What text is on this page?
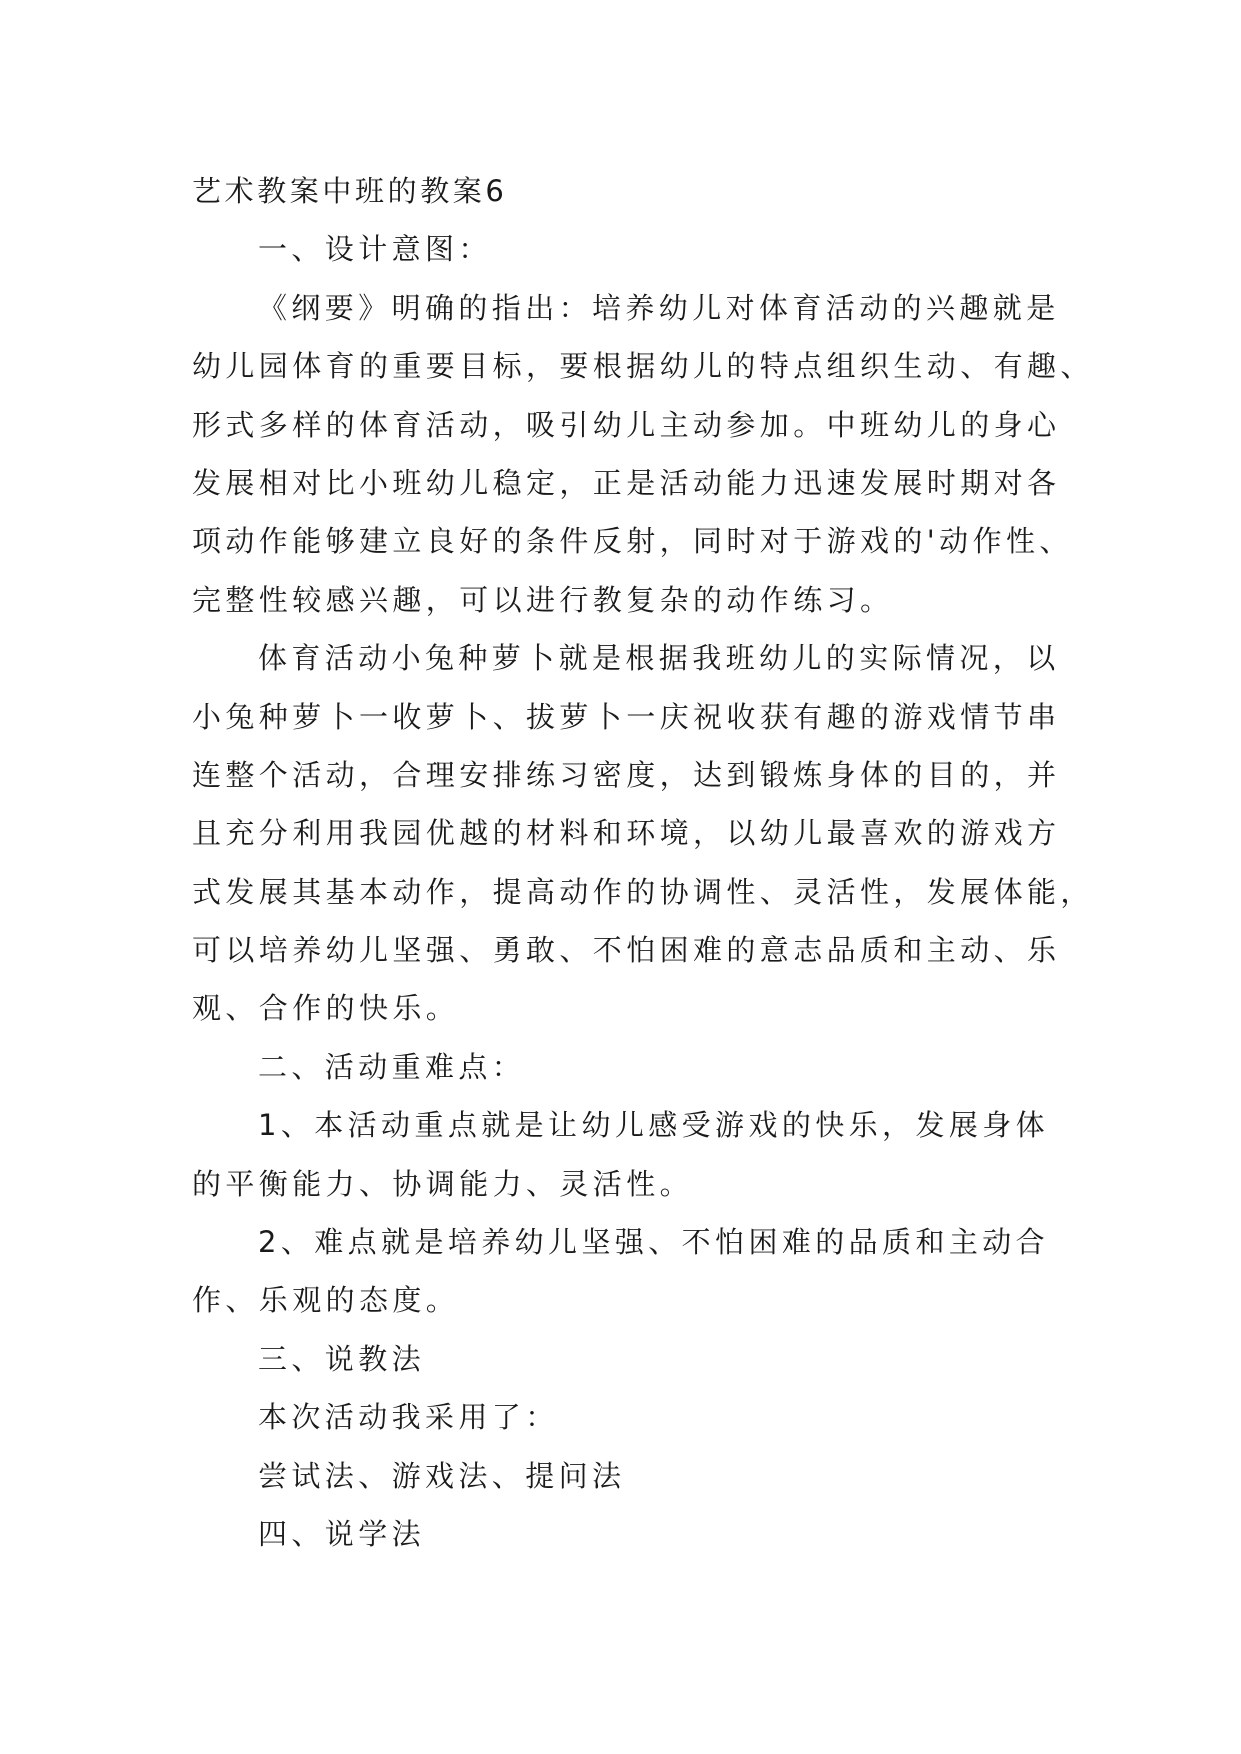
艺术教案中班的教案6

一、设计意图：

《纲要》明确的指出：培养幼儿对体育活动的兴趣就是

幼儿园体育的重要目标，要根据幼儿的特点组织生动、有趣、

形式多样的体育活动，吸引幼儿主动参加。中班幼儿的身心

发展相对比小班幼儿稳定，正是活动能力迅速发展时期对各

项动作能够建立良好的条件反射，同时对于游戏的'动作性、

完整性较感兴趣，可以进行教复杂的动作练习。

体育活动小兔种萝卜就是根据我班幼儿的实际情况，以

小兔种萝卜一收萝卜、拔萝卜一庆祝收获有趣的游戏情节串

连整个活动，合理安排练习密度，达到锻炼身体的目的，并

且充分利用我园优越的材料和环境，以幼儿最喜欢的游戏方

式发展其基本动作，提高动作的协调性、灵活性，发展体能，

可以培养幼儿坚强、勇敢、不怕困难的意志品质和主动、乐

观、合作的快乐。

二、活动重难点：

1、本活动重点就是让幼儿感受游戏的快乐，发展身体

的平衡能力、协调能力、灵活性。

2、难点就是培养幼儿坚强、不怕困难的品质和主动合

作、乐观的态度。

三、说教法

本次活动我采用了：

尝试法、游戏法、提问法

四、说学法
